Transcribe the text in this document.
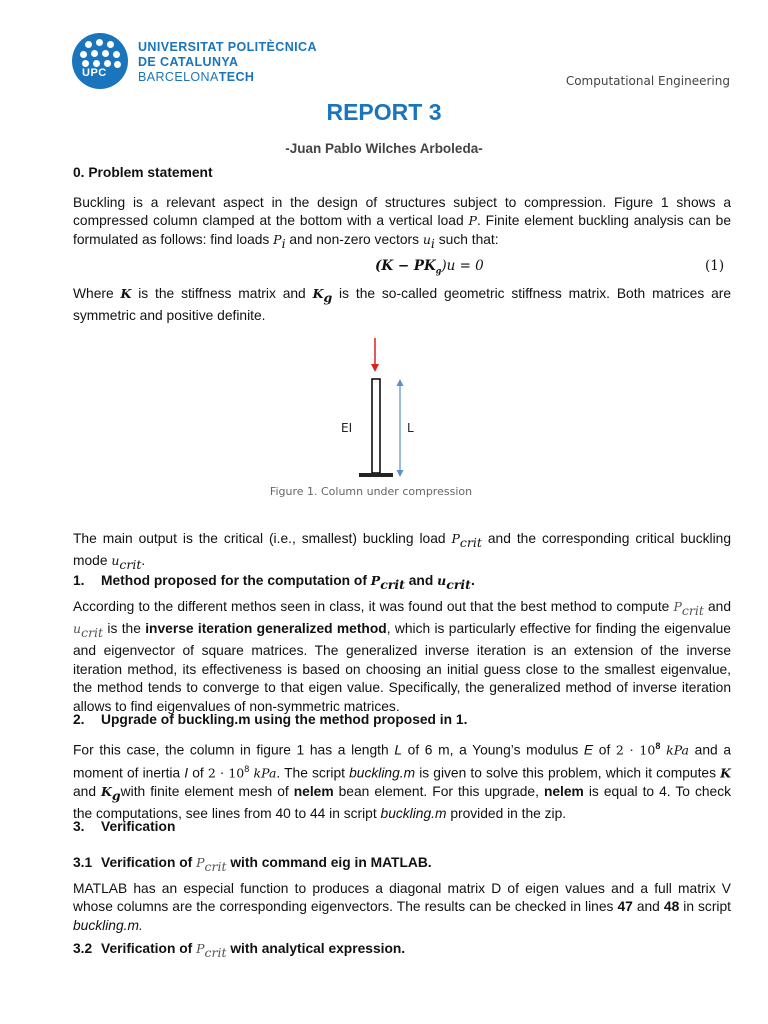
UPC
UNIVERSITAT POLITÈCNICA
DE CATALUNYA
BARCELONATECH	Computational Engineering
REPORT 3
-Juan Pablo Wilches Arboleda-
0. Problem statement
Buckling is a relevant aspect in the design of structures subject to compression. Figure 1 shows a compressed column clamped at the bottom with a vertical load P. Finite element buckling analysis can be formulated as follows: find loads $P_i$ and non-zero vectors $u_i$ such that:
$(K - PK_g)u = 0$	(1)
Where K is the stiffness matrix and $K_g$ is the so-called geometric stiffness matrix. Both matrices are symmetric and positive definite.
EI	L
Figure 1. Column under compression
The main output is the critical (i.e., smallest) buckling load $P_{crit}$ and the corresponding critical buckling mode $u_{crit}$.
1. Method proposed for the computation of $P_{crit}$ and $u_{crit}$.
According to the different methos seen in class, it was found out that the best method to compute $P_{crit}$ and $u_{crit}$ is the inverse iteration generalized method, which is particularly effective for finding the eigenvalue and eigenvector of square matrices. The generalized inverse iteration is an extension of the inverse iteration method, its effectiveness is based on choosing an initial guess close to the smallest eigenvalue, the method tends to converge to that eigen value. Specifically, the generalized method of inverse iteration allows to find eigenvalues of non-symmetric matrices.
2. Upgrade of buckling.m using the method proposed in 1.
For this case, the column in figure 1 has a length L of 6 m, a Young’s modulus E of $2 \cdot 10^8$ kPa and a moment of inertia I of $2 \cdot 10^8$ kPa. The script buckling.m is given to solve this problem, which it computes K and $K_gwith$ finite element mesh of nelem bean element. For this upgrade, nelem is equal to 4. To check the computations, see lines from 40 to 44 in script buckling.m provided in the zip.
3. Verification
3.1 Verification of $P_{crit}$ with command eig in MATLAB.
MATLAB has an especial function to produces a diagonal matrix D of eigen values and a full matrix V whose columns are the corresponding eigenvectors. The results can be checked in lines 47 and 48 in script buckling.m.
3.2 Verification of $P_{crit}$ with analytical expression.
